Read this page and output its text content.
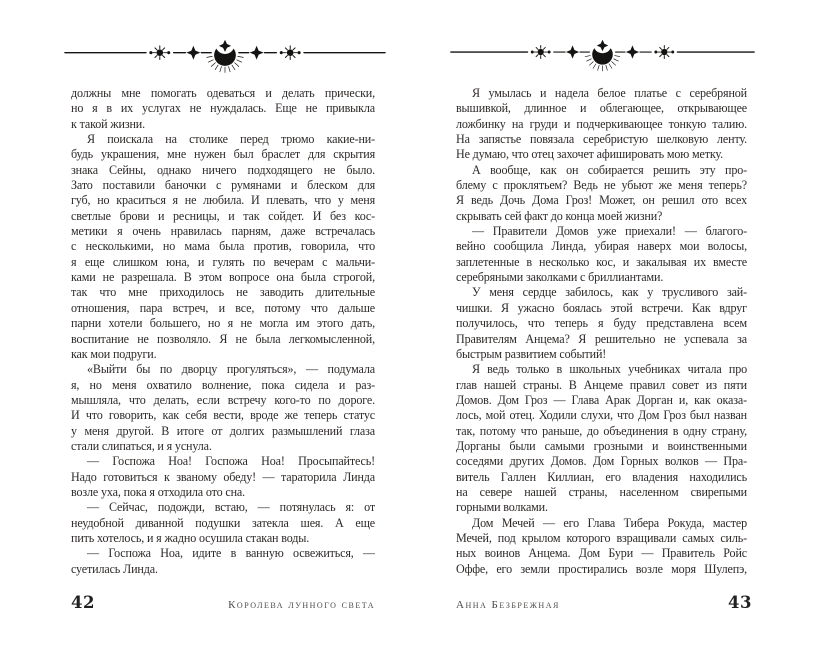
должны мне помогать одеваться и делать прически,
но я в их услугах не нуждалась. Еще не привыкла
к такой жизни.
Я поискала на столике перед трюмо какие-ни-
будь украшения, мне нужен был браслет для скрытия
знака Сейны, однако ничего подходящего не было.
Зато поставили баночки с румянами и блеском для
губ, но краситься я не любила. И плевать, что у меня
светлые брови и ресницы, и так сойдет. И без кос-
метики я очень нравилась парням, даже встречалась
с несколькими, но мама была против, говорила, что
я еще слишком юна, и гулять по вечерам с мальчи-
ками не разрешала. В этом вопросе она была строгой,
так что мне приходилось не заводить длительные
отношения, пара встреч, и все, потому что дальше
парни хотели большего, но я не могла им этого дать,
воспитание не позволяло. Я не была легкомысленной,
как мои подруги.
«Выйти бы по дворцу прогуляться», — подумала
я, но меня охватило волнение, пока сидела и раз-
мышляла, что делать, если встречу кого-то по дороге.
И что говорить, как себя вести, вроде же теперь статус
у меня другой. В итоге от долгих размышлений глаза
стали слипаться, и я уснула.
— Госпожа Ноа! Госпожа Ноа! Просыпайтесь!
Надо готовиться к званому обеду! — тараторила Линда
возле уха, пока я отходила ото сна.
— Сейчас, подожди, встаю, — потянулась я: от
неудобной диванной подушки затекла шея. А еще
пить хотелось, и я жадно осушила стакан воды.
— Госпожа Ноа, идите в ванную освежиться, —
суетилась Линда.
42	Королева лунного света
Я умылась и надела белое платье с серебряной
вышивкой, длинное и облегающее, открывающее
ложбинку на груди и подчеркивающее тонкую талию.
На запястье повязала серебристую шелковую ленту.
Не думаю, что отец захочет афишировать мою метку.
А вообще, как он собирается решить эту про-
блему с проклятьем? Ведь не убьют же меня теперь?
Я ведь Дочь Дома Гроз! Может, он решил ото всех
скрывать сей факт до конца моей жизни?
— Правители Домов уже приехали! — благого-
вейно сообщила Линда, убирая наверх мои волосы,
заплетенные в несколько кос, и закалывая их вместе
серебряными заколками с бриллиантами.
У меня сердце забилось, как у трусливого зай-
чишки. Я ужасно боялась этой встречи. Как вдруг
получилось, что теперь я буду представлена всем
Правителям Анцема? Я решительно не успевала за
быстрым развитием событий!
Я ведь только в школьных учебниках читала про
глав нашей страны. В Анцеме правил совет из пяти
Домов. Дом Гроз — Глава Арак Дорган и, как оказа-
лось, мой отец. Ходили слухи, что Дом Гроз был назван
так, потому что раньше, до объединения в одну страну,
Дорганы были самыми грозными и воинственными
соседями других Домов. Дом Горных волков — Пра-
витель Галлен Киллиан, его владения находились
на севере нашей страны, населенном свирепыми
горными волками.
Дом Мечей — его Глава Тибера Рокуда, мастер
Мечей, под крылом которого взращивали самых силь-
ных воинов Анцема. Дом Бури — Правитель Ройс
Оффе, его земли простирались возле моря Шулепэ,
Анна Безбрежная	43
